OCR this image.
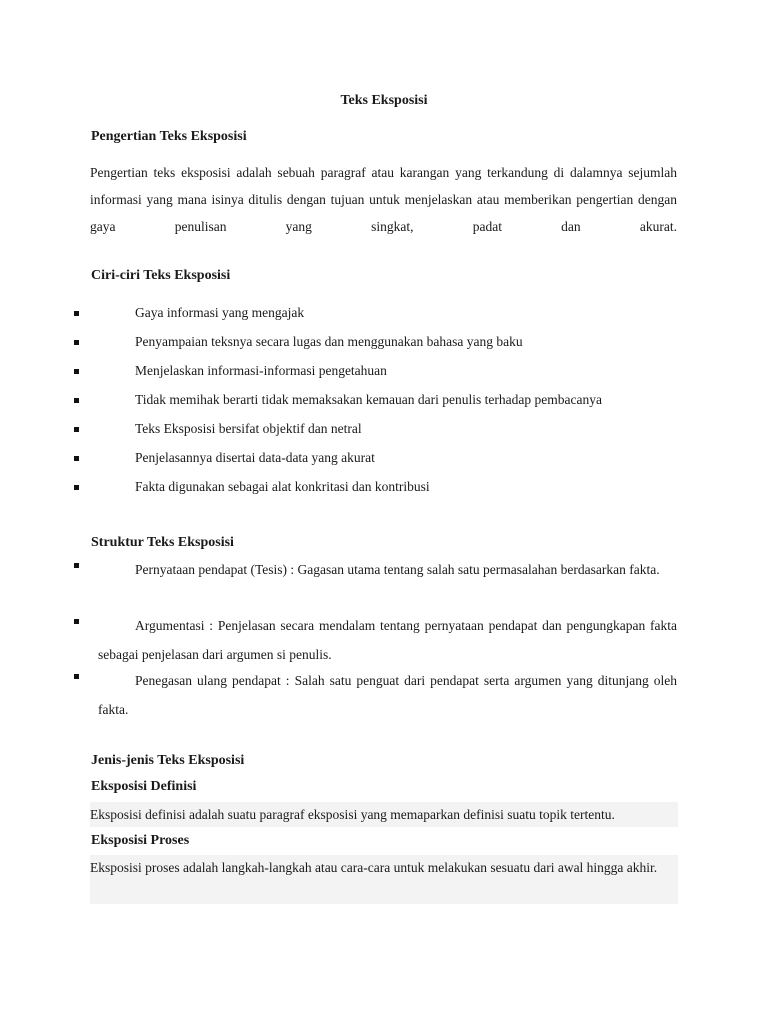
Teks Eksposisi
Pengertian Teks Eksposisi
Pengertian teks eksposisi adalah sebuah paragraf atau karangan yang terkandung di dalamnya sejumlah informasi yang mana isinya ditulis dengan tujuan untuk menjelaskan atau memberikan pengertian dengan gaya penulisan yang singkat, padat dan akurat.
Ciri-ciri Teks Eksposisi
Gaya informasi yang mengajak
Penyampaian teksnya secara lugas dan menggunakan bahasa yang baku
Menjelaskan informasi-informasi pengetahuan
Tidak memihak berarti tidak memaksakan kemauan dari penulis terhadap pembacanya
Teks Eksposisi bersifat objektif dan netral
Penjelasannya disertai data-data yang akurat
Fakta digunakan sebagai alat konkritasi dan kontribusi
Struktur Teks Eksposisi
Pernyataan pendapat (Tesis) : Gagasan utama tentang salah satu permasalahan berdasarkan fakta.
Argumentasi : Penjelasan secara mendalam tentang pernyataan pendapat dan pengungkapan fakta sebagai penjelasan dari argumen si penulis.
Penegasan ulang pendapat : Salah satu penguat dari pendapat serta argumen yang ditunjang oleh fakta.
Jenis-jenis Teks Eksposisi
Eksposisi Definisi
Eksposisi definisi adalah suatu paragraf eksposisi yang memaparkan definisi suatu topik tertentu.
Eksposisi Proses
Eksposisi proses adalah langkah-langkah atau cara-cara untuk melakukan sesuatu dari awal hingga akhir.
